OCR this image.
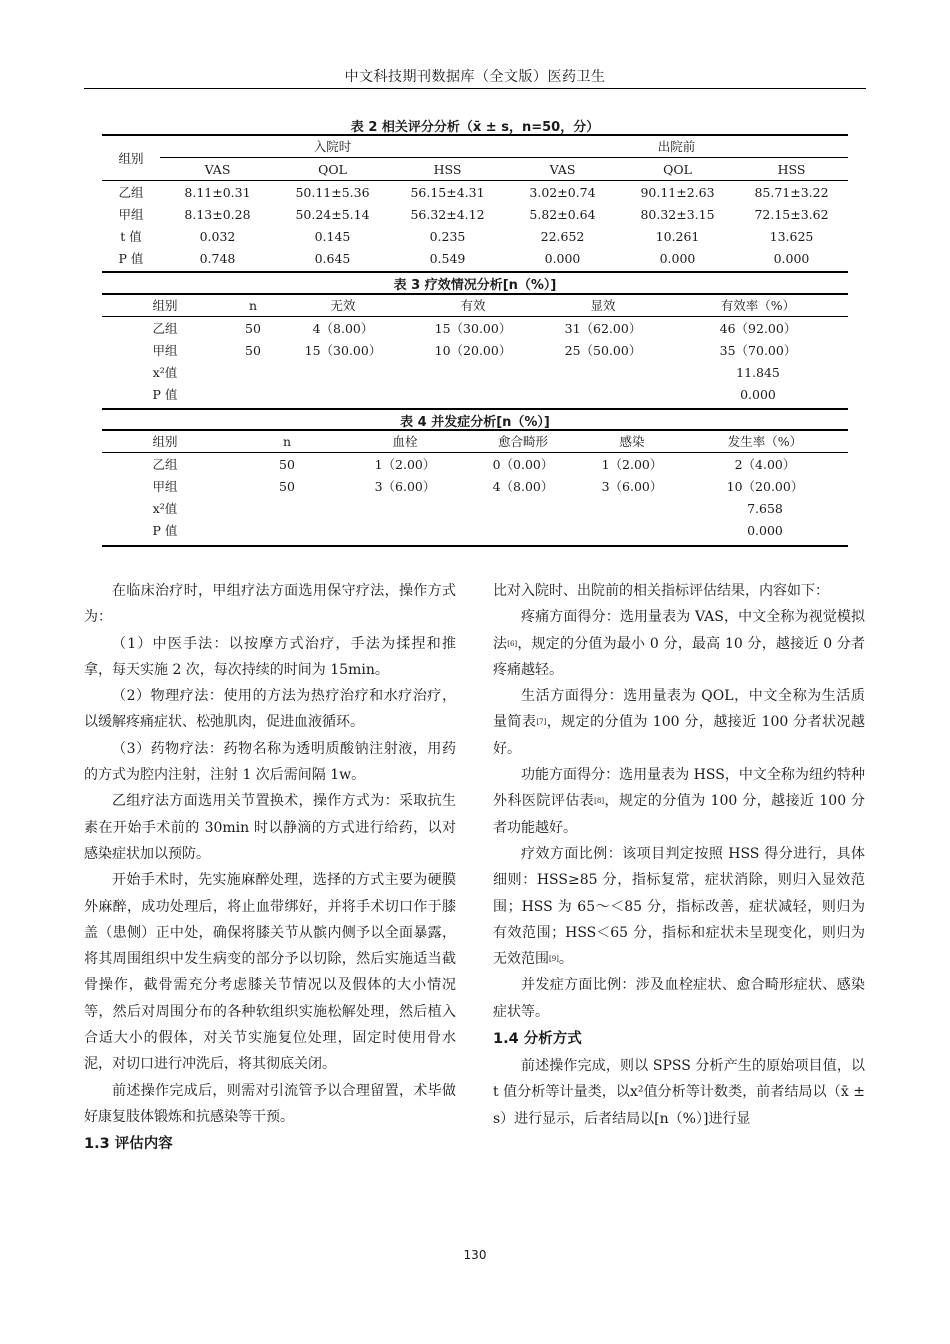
中文科技期刊数据库（全文版）医药卫生
表 2 相关评分分析（x̄ ± s，n=50，分）
组别	入院时			出院前		
	VAS	QOL	HSS	VAS	QOL	HSS
乙组	8.11±0.31	50.11±5.36	56.15±4.31	3.02±0.74	90.11±2.63	85.71±3.22
甲组	8.13±0.28	50.24±5.14	56.32±4.12	5.82±0.64	80.32±3.15	72.15±3.62
t 值	0.032	0.145	0.235	22.652	10.261	13.625
P 值	0.748	0.645	0.549	0.000	0.000	0.000
表 3 疗效情况分析[n（%）]
组别	n	无效	有效	显效	有效率（%）
乙组	50	4（8.00）	15（30.00）	31（62.00）	46（92.00）
甲组	50	15（30.00）	10（20.00）	25（50.00）	35（70.00）
x²值					11.845
P 值					0.000
表 4 并发症分析[n（%）]
组别	n	血栓	愈合畸形	感染	发生率（%）
乙组	50	1（2.00）	0（0.00）	1（2.00）	2（4.00）
甲组	50	3（6.00）	4（8.00）	3（6.00）	10（20.00）
x²值					7.658
P 值					0.000

在临床治疗时，甲组疗法方面选用保守疗法，操作方式为：

（1）中医手法：以按摩方式治疗，手法为揉捏和推拿，每天实施 2 次，每次持续的时间为 15min。

（2）物理疗法：使用的方法为热疗治疗和水疗治疗，以缓解疼痛症状、松弛肌肉，促进血液循环。

（3）药物疗法：药物名称为透明质酸钠注射液，用药的方式为腔内注射，注射 1 次后需间隔 1w。

乙组疗法方面选用关节置换术，操作方式为：采取抗生素在开始手术前的 30min 时以静滴的方式进行给药，以对感染症状加以预防。

开始手术时，先实施麻醉处理，选择的方式主要为硬膜外麻醉，成功处理后，将止血带绑好，并将手术切口作于膝盖（患侧）正中处，确保将膝关节从髌内侧予以全面暴露，将其周围组织中发生病变的部分予以切除，然后实施适当截骨操作，截骨需充分考虑膝关节情况以及假体的大小情况等，然后对周围分布的各种软组织实施松解处理，然后植入合适大小的假体，对关节实施复位处理，固定时使用骨水泥，对切口进行冲洗后，将其彻底关闭。

前述操作完成后，则需对引流管予以合理留置，术毕做好康复肢体锻炼和抗感染等干预。

1.3 评估内容

比对入院时、出院前的相关指标评估结果，内容如下：

疼痛方面得分：选用量表为 VAS，中文全称为视觉模拟法[6]，规定的分值为最小 0 分，最高 10 分，越接近 0 分者疼痛越轻。

生活方面得分：选用量表为 QOL，中文全称为生活质量简表[7]，规定的分值为 100 分，越接近 100 分者状况越好。

功能方面得分：选用量表为 HSS，中文全称为纽约特种外科医院评估表[8]，规定的分值为 100 分，越接近 100 分者功能越好。

疗效方面比例：该项目判定按照 HSS 得分进行，具体细则：HSS≥85 分，指标复常，症状消除，则归入显效范围；HSS 为 65～＜85 分，指标改善，症状减轻，则归为有效范围；HSS＜65 分，指标和症状未呈现变化，则归为无效范围[9]。

并发症方面比例：涉及血栓症状、愈合畸形症状、感染症状等。

1.4 分析方式

前述操作完成，则以 SPSS 分析产生的原始项目值，以 t 值分析等计量类，以x²值分析等计数类，前者结局以（x̄ ± s）进行显示，后者结局以[n（%）]进行显

130
